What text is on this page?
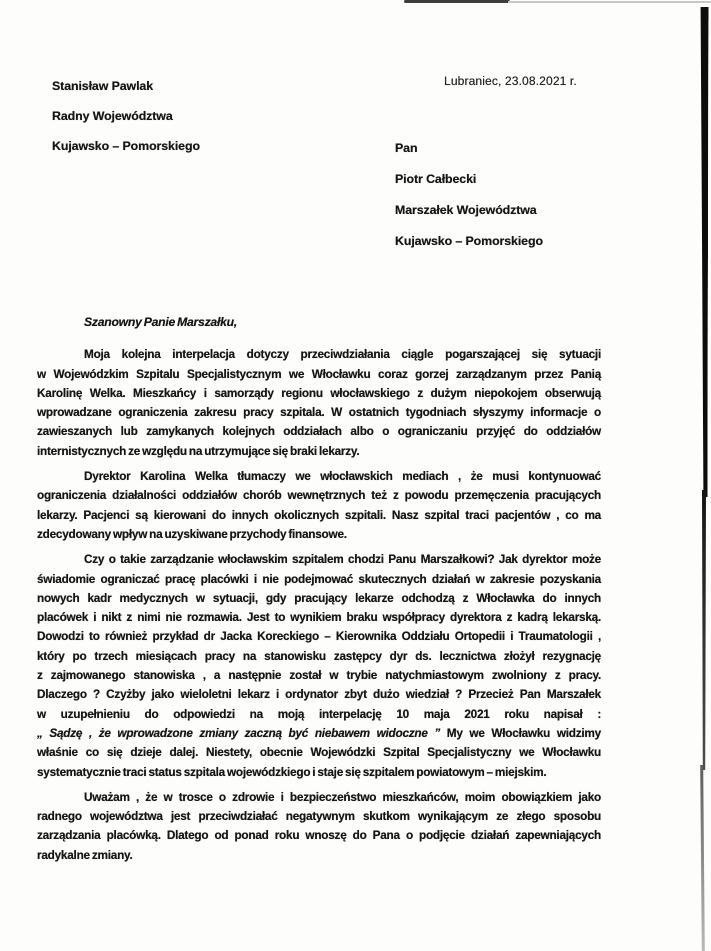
Stanisław Pawlak
Radny Województwa
Kujawsko – Pomorskiego
Lubraniec, 23.08.2021 r.
Pan
Piotr Całbecki
Marszałek Województwa
Kujawsko – Pomorskiego
Szanowny Panie Marszałku,
Moja kolejna interpelacja dotyczy przeciwdziałania ciągle pogarszającej się sytuacji
w Wojewódzkim Szpitalu Specjalistycznym we Włocławku coraz gorzej zarządzanym przez Panią
Karolinę Welka. Mieszkańcy i samorządy regionu włocławskiego z dużym niepokojem obserwują
wprowadzane ograniczenia zakresu pracy szpitala. W ostatnich tygodniach słyszymy informacje o
zawieszanych lub zamykanych kolejnych oddziałach albo o ograniczaniu przyjęć do oddziałów
internistycznych ze względu na utrzymujące się braki lekarzy.
Dyrektor Karolina Welka tłumaczy we włocławskich mediach , że musi kontynuować
ograniczenia działalności oddziałów chorób wewnętrznych też z powodu przemęczenia pracujących
lekarzy. Pacjenci są kierowani do innych okolicznych szpitali. Nasz szpital traci pacjentów , co ma
zdecydowany wpływ na uzyskiwane przychody finansowe.
Czy o takie zarządzanie włocławskim szpitalem chodzi Panu Marszałkowi? Jak dyrektor może
świadomie ograniczać pracę placówki i nie podejmować skutecznych działań w zakresie pozyskania
nowych kadr medycznych w sytuacji, gdy pracujący lekarze odchodzą z Włocławka do innych
placówek i nikt z nimi nie rozmawia. Jest to wynikiem braku współpracy dyrektora z kadrą lekarską.
Dowodzi to również przykład dr Jacka Koreckiego – Kierownika Oddziału Ortopedii i Traumatologii ,
który po trzech miesiącach pracy na stanowisku zastępcy dyr ds. lecznictwa złożył rezygnację
z zajmowanego stanowiska , a następnie został w trybie natychmiastowym zwolniony z pracy.
Dlaczego ? Czyżby jako wieloletni lekarz i ordynator zbyt dużo wiedział ? Przecież Pan Marszałek
w uzupełnieniu do odpowiedzi na moją interpelację 10 maja 2021 roku napisał :
„ Sądzę , że wprowadzone zmiany zaczną być niebawem widoczne ” My we Włocławku widzimy
właśnie co się dzieje dalej. Niestety, obecnie Wojewódzki Szpital Specjalistyczny we Włocławku
systematycznie traci status szpitala wojewódzkiego i staje się szpitalem powiatowym – miejskim.
Uważam , że w trosce o zdrowie i bezpieczeństwo mieszkańców, moim obowiązkiem jako
radnego województwa jest przeciwdziałać negatywnym skutkom wynikającym ze złego sposobu
zarządzania placówką. Dlatego od ponad roku wnoszę do Pana o podjęcie działań zapewniających
radykalne zmiany.
